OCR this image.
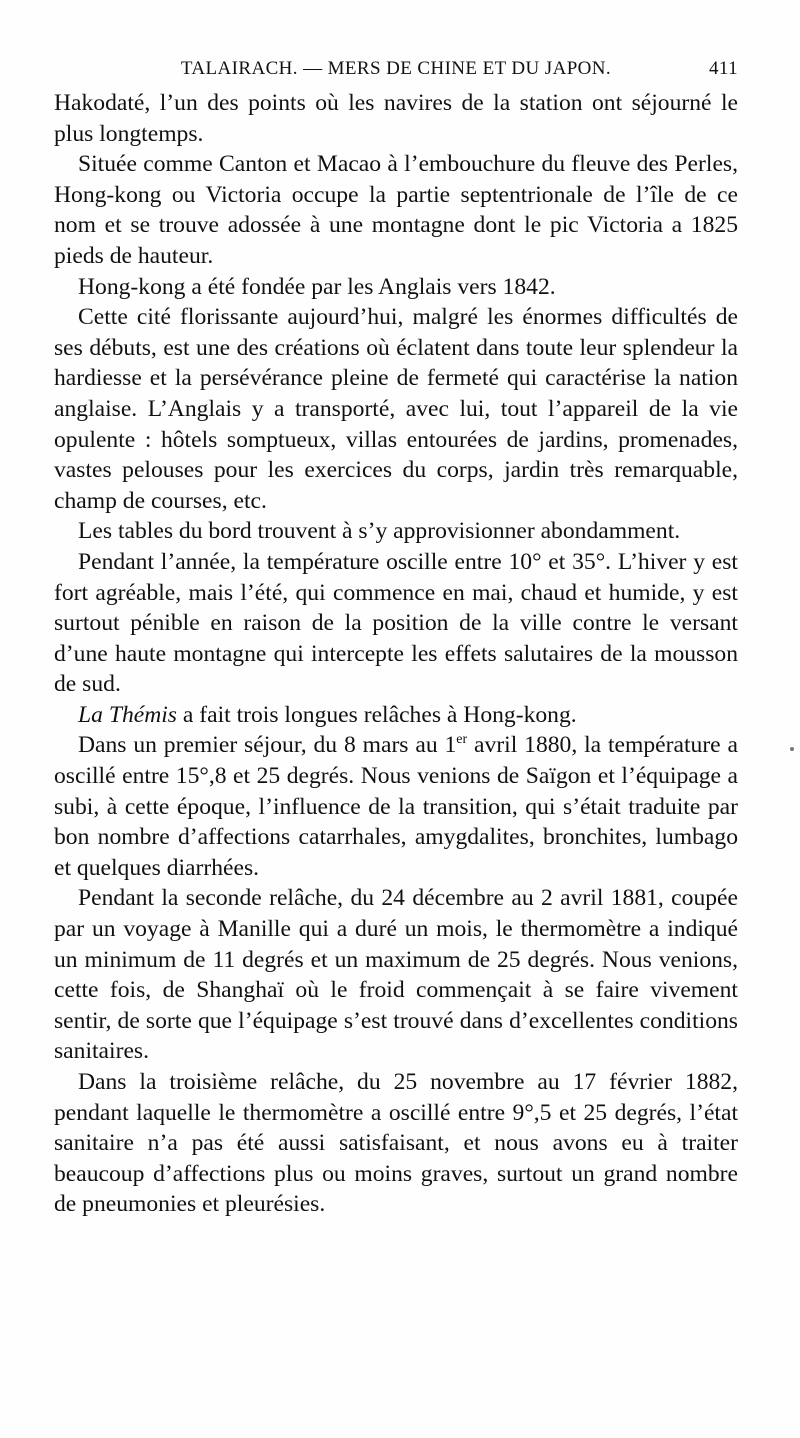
TALAIRACH. — MERS DE CHINE ET DU JAPON.	411

Hakodaté, l’un des points où les navires de la station ont séjourné le plus longtemps.

Située comme Canton et Macao à l’embouchure du fleuve des Perles, Hong-kong ou Victoria occupe la partie septentrionale de l’île de ce nom et se trouve adossée à une montagne dont le pic Victoria a 1825 pieds de hauteur.

Hong-kong a été fondée par les Anglais vers 1842.

Cette cité florissante aujourd’hui, malgré les énormes difficultés de ses débuts, est une des créations où éclatent dans toute leur splendeur la hardiesse et la persévérance pleine de fermeté qui caractérise la nation anglaise. L’Anglais y a transporté, avec lui, tout l’appareil de la vie opulente : hôtels somptueux, villas entourées de jardins, promenades, vastes pelouses pour les exercices du corps, jardin très remarquable, champ de courses, etc.

Les tables du bord trouvent à s’y approvisionner abondamment.

Pendant l’année, la température oscille entre 10° et 35°. L’hiver y est fort agréable, mais l’été, qui commence en mai, chaud et humide, y est surtout pénible en raison de la position de la ville contre le versant d’une haute montagne qui intercepte les effets salutaires de la mousson de sud.

La Thémis a fait trois longues relâches à Hong-kong.

Dans un premier séjour, du 8 mars au 1er avril 1880, la température a oscillé entre 15°,8 et 25 degrés. Nous venions de Saïgon et l’équipage a subi, à cette époque, l’influence de la transition, qui s’était traduite par bon nombre d’affections catarrhales, amygdalites, bronchites, lumbago et quelques diarrhées.

Pendant la seconde relâche, du 24 décembre au 2 avril 1881, coupée par un voyage à Manille qui a duré un mois, le thermomètre a indiqué un minimum de 11 degrés et un maximum de 25 degrés. Nous venions, cette fois, de Shanghaï où le froid commençait à se faire vivement sentir, de sorte que l’équipage s’est trouvé dans d’excellentes conditions sanitaires.

Dans la troisième relâche, du 25 novembre au 17 février 1882, pendant laquelle le thermomètre a oscillé entre 9°,5 et 25 degrés, l’état sanitaire n’a pas été aussi satisfaisant, et nous avons eu à traiter beaucoup d’affections plus ou moins graves, surtout un grand nombre de pneumonies et pleurésies.
